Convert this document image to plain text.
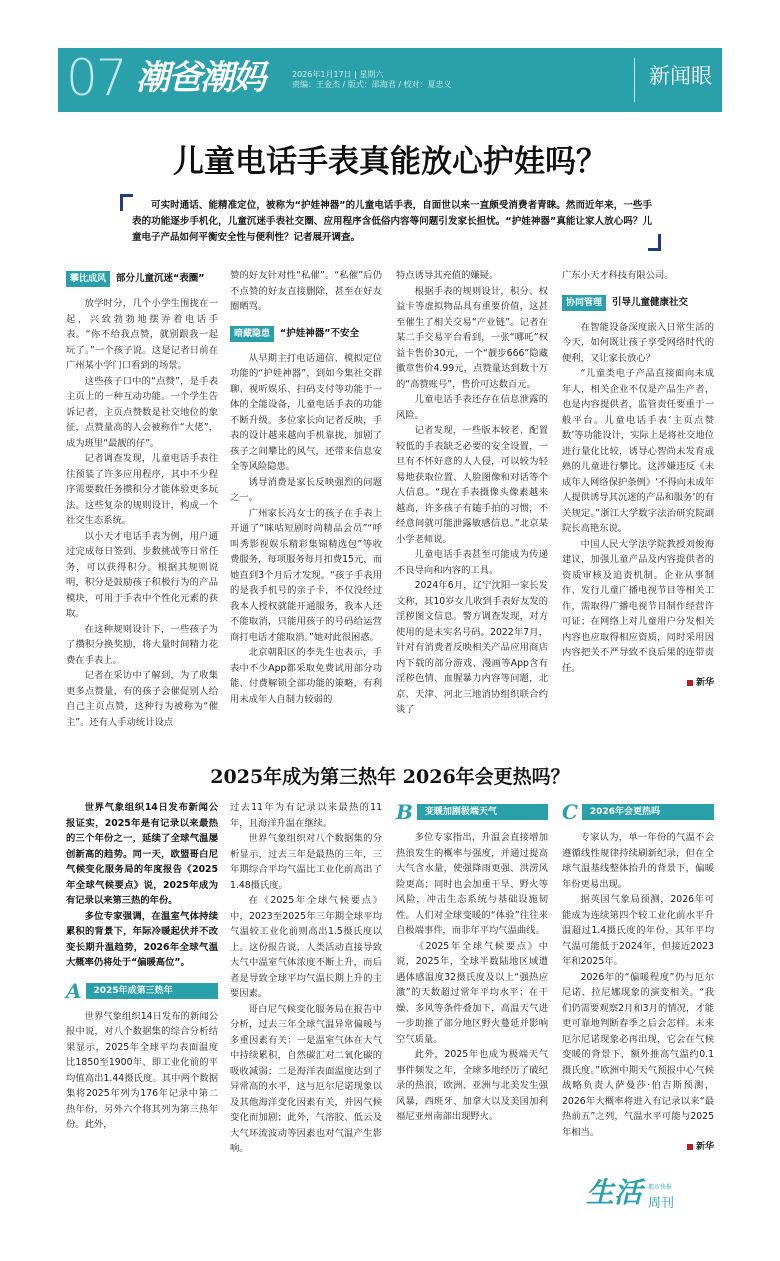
07 潮爸潮妈	2026年1月17日 | 星期六
责编：王金杰 / 版式：邵海君 / 校对：夏忠义	新闻眼
儿童电话手表真能放心护娃吗？
可实时通话、能精准定位，被称为“护娃神器”的儿童电话手表，自面世以来一直颇受消费者青睐。然而近年来，一些手表的功能逐步手机化，儿童沉迷手表社交圈、应用程序含低俗内容等问题引发家长担忧。“护娃神器”真能让家人放心吗？儿童电子产品如何平衡安全性与便利性？记者展开调查。
攀比成风	部分儿童沉迷“表圈”

放学时分，几个小学生围拢在一起，兴致勃勃地摆弄着电话手表。“你不给我点赞，就别跟我一起玩了。”一个孩子说。这是记者日前在广州某小学门口看到的场景。

这些孩子口中的“点赞”，是手表主页上的一种互动功能。一个学生告诉记者，主页点赞数是社交地位的象征，点赞量高的人会被称作“大佬”，成为班里“最靓的仔”。

记者调查发现，儿童电话手表往往预装了许多应用程序，其中不少程序需要数任务攒积分才能体验更多玩法。这些复杂的规则设计，构成一个社交生态系统。

以小天才电话手表为例，用户通过完成每日签到、步数挑战等日常任务，可以获得积分。根据其规则说明，积分是鼓励孩子积极行为的产品模块，可用于手表中个性化元素的获取。

在这种规则设计下，一些孩子为了攒积分换奖励，将大量时间精力花费在手表上。

记者在采访中了解到，为了收集更多点赞量，有的孩子会催促别人给自己主页点赞，这种行为被称为“催主”。还有人手动统计设点

赞的好友针对性“私催”。“私催”后仍不点赞的好友直接删除，甚至在好友圈晒骂。

暗藏隐患	“护娃神器”不安全

从早期主打电话通信、模拟定位功能的“护娃神器”，到如今集社交群聊、视听娱乐、扫码支付等功能于一体的全能设备，儿童电话手表的功能不断升级。多位家长向记者反映，手表的设计越来越向手机靠拢，加剧了孩子之间攀比的风气，还带来信息安全等风险隐患。

诱导消费是家长反映强烈的问题之一。

广州家长冯女士的孩子在手表上开通了“咪咕短剧时尚精品会员”“呼叫秀影视娱乐精彩集锦精选包”等收费服务，每项服务每月扣费15元，而她直到3个月后才发现。“孩子手表用的是我手机号的亲子卡，不仅没经过我本人授权就能开通服务，我本人还不能取消，只能用孩子的号码给运营商打电话才能取消。”她对此很困惑。

北京朝阳区的李先生也表示，手表中不少App都采取免费试用部分功能、付费解锁全部功能的策略，有利用未成年人自制力较弱的

特点诱导其充值的嫌疑。

根据手表的规则设计，积分、权益卡等虚拟物品具有重要价值，这甚至催生了相关交易“产业链”。记者在某二手交易平台看到，一张“哪吒”权益卡售价30元，一个“靓步666”隐藏徽章售价4.99元，点赞量达到数十万的“高赞账号”，售价可达数百元。

儿童电话手表还存在信息泄露的风险。

记者发现，一些版本较老、配置较低的手表缺乏必要的安全设置，一旦有不怀好意的人人侵，可以较为轻易地获取位置、人脸图像和对话等个人信息。“现在手表摄像头像素越来越高，许多孩子有随手拍的习惯，不经意间就可能泄露敏感信息。”北京某小学老师说。

儿童电话手表甚至可能成为传递不良导向和内容的工具。

2024年6月，辽宁沈阳一家长发文称，其10岁女儿收到手表好友发的淫秽图文信息。警方调查发现，对方使用的是未实名号码。2022年7月，针对有消费者反映相关产品应用商店内下载的部分游戏、漫画等App含有淫秽色情、血腥暴力内容等问题，北京、天津、河北三地消协组织联合约谈了

广东小天才科技有限公司。

协同管理	引导儿童健康社交

在智能设备深度嵌入日常生活的今天，如何既让孩子享受网络时代的便利，又让家长放心？

“儿童类电子产品直接面向未成年人，相关企业不仅是产品生产者，也是内容提供者，监管责任要重于一般平台。儿童电话手表‘主页点赞数’等功能设计，实际上是将社交地位进行量化比较，诱导心智尚未发育成熟的儿童进行攀比。这涉嫌违反《未成年人网络保护条例》‘不得向未成年人提供诱导其沉迷的产品和服务’的有关规定。”浙江大学数字法治研究院副院长高艳东说。

中国人民大学法学院教授刘俊海建议，加强儿童产品及内容提供者的资质审核及追责机制。企业从事制作、发行儿童广播电视节目等相关工作，需取得广播电视节目制作经营许可证；在网络上对儿童用户分发相关内容也应取得相应资质，同时采用因内容把关不严导致不良后果的连带责任。

新华
2025年成为第三热年 2026年会更热吗？

世界气象组织14日发布新闻公报证实，2025年是有记录以来最热的三个年份之一，延续了全球气温屡创新高的趋势。同一天，欧盟哥白尼气候变化服务局的年度报告《2025年全球气候要点》说，2025年成为有记录以来第三热的年份。

多位专家强调，在温室气体持续累积的背景下，年际冷暖起伏并不改变长期升温趋势，2026年全球气温大概率仍将处于“偏暖高位”。

A	2025年成第三热年

世界气象组织14日发布的新闻公报中说，对八个数据集的综合分析结果显示，2025年全球平均表面温度比1850至1900年、即工业化前的平均值高出1.44摄氏度。其中两个数据集将2025年列为176年记录中第二热年份，另外六个将其列为第三热年份。此外，

过去11年为有记录以来最热的11年，且海洋升温在继续。

世界气象组织对八个数据集的分析显示，过去三年是最热的三年，三年期综合平均气温比工业化前高出了1.48摄氏度。

在《2025年全球气候要点》中，2023至2025年三年期全球平均气温较工业化前则高出1.5摄氏度以上。这份报告说，人类活动直接导致大气中温室气体浓度不断上升，而后者是导致全球平均气温长期上升的主要因素。

哥白尼气候变化服务局在报告中分析，过去三年全球气温异常偏暖与多重因素有关：一是温室气体在大气中持续累积，自然碳汇对二氧化碳的吸收减弱；二是海洋表面温度达到了异常高的水平，这与厄尔尼诺现象以及其他海洋变化因素有关，并因气候变化而加剧；此外，气溶胶、低云及大气环流波动等因素也对气温产生影响。

B	变暖加剧极端天气

多位专家指出，升温会直接增加热浪发生的概率与强度，并通过提高大气含水量，使强降雨更强、洪涝风险更高；同时也会加重干旱、野火等风险，冲击生态系统与基础设施韧性。人们对全球变暖的“体验”往往来自极端事件，而非年平均气温曲线。

《2025年全球气候要点》中说，2025年，全球半数陆地区域遭遇体感温度32摄氏度及以上“强热应激”的天数超过常年平均水平；在干燥、多风等条件叠加下，高温天气进一步助推了部分地区野火蔓延并影响空气质量。

此外，2025年也成为极端天气事件频发之年，全球多地经历了破纪录的热浪，欧洲、亚洲与北美发生强风暴，西班牙、加拿大以及美国加利福尼亚州南部出现野火。

C	2026年会更热吗

专家认为，单一年份的气温不会遵循线性规律持续刷新纪录，但在全球气温基线整体抬升的背景下，偏暖年份更易出现。

据英国气象局预测，2026年可能成为连续第四个较工业化前水平升温超过1.4摄氏度的年份，其年平均气温可能低于2024年，但接近2023年和2025年。

2026年的“偏暖程度”仍与厄尔尼诺、拉尼娜现象的演变相关。“我们仍需要观察2月和3月的情况，才能更可靠地判断春季之后会怎样。未来厄尔尼诺现象必再出现，它会在气候变暖的背景下，额外推高气温约0.1摄氏度。”欧洲中期天气预报中心气候战略负责人萨曼莎·伯吉斯预测，2026年大概率将进入有记录以来“最热前五”之列，气温水平可能与2025年相当。

新华
生活 都市快报
周刊
